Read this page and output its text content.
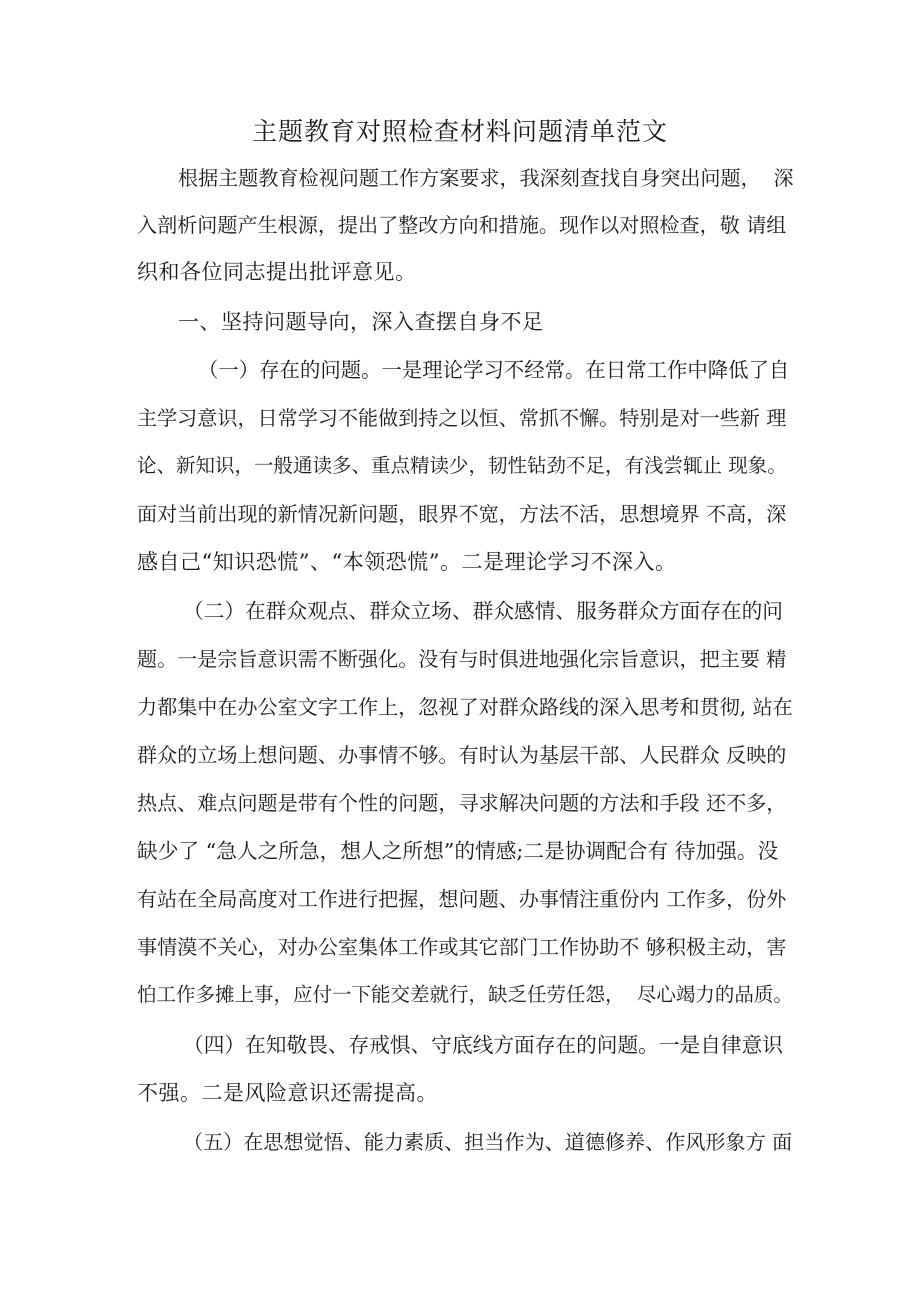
主题教育对照检查材料问题清单范文
根据主题教育检视问题工作方案要求，我深刻查找自身突出问题，  深
入剖析问题产生根源，提出了整改方向和措施。现作以对照检查，敬 请组
织和各位同志提出批评意见。
一、坚持问题导向，深入查摆自身不足
（一）存在的问题。一是理论学习不经常。在日常工作中降低了自
主学习意识，日常学习不能做到持之以恒、常抓不懈。特别是对一些新 理
论、新知识，一般通读多、重点精读少，韧性钻劲不足，有浅尝辄止 现象。
面对当前出现的新情况新问题，眼界不宽，方法不活，思想境界 不高，深
感自己“知识恐慌”、“本领恐慌”。二是理论学习不深入。
（二）在群众观点、群众立场、群众感情、服务群众方面存在的问
题。一是宗旨意识需不断强化。没有与时俱进地强化宗旨意识，把主要 精
力都集中在办公室文字工作上，忽视了对群众路线的深入思考和贯彻, 站在
群众的立场上想问题、办事情不够。有时认为基层干部、人民群众 反映的
热点、难点问题是带有个性的问题，寻求解决问题的方法和手段 还不多，
缺少了 “急人之所急，想人之所想”的情感;二是协调配合有 待加强。没
有站在全局高度对工作进行把握，想问题、办事情注重份内 工作多，份外
事情漠不关心，对办公室集体工作或其它部门工作协助不 够积极主动，害
怕工作多摊上事，应付一下能交差就行，缺乏任劳任怨，  尽心竭力的品质。
（四）在知敬畏、存戒惧、守底线方面存在的问题。一是自律意识
不强。二是风险意识还需提高。
（五）在思想觉悟、能力素质、担当作为、道德修养、作风形象方 面
